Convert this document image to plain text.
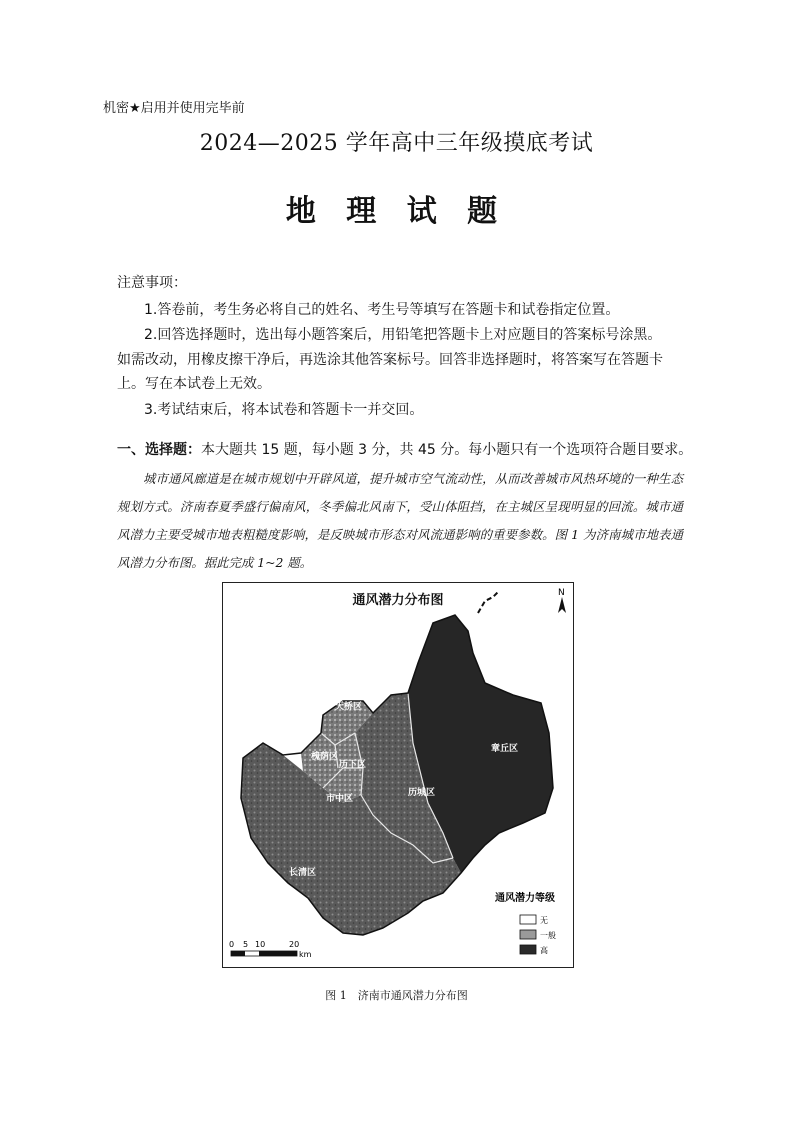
机密★启用并使用完毕前
2024—2025 学年高中三年级摸底考试
地 理 试 题
注意事项：
1.答卷前，考生务必将自己的姓名、考生号等填写在答题卡和试卷指定位置。
2.回答选择题时，选出每小题答案后，用铅笔把答题卡上对应题目的答案标号涂黑。
如需改动，用橡皮擦干净后，再选涂其他答案标号。回答非选择题时，将答案写在答题卡
上。写在本试卷上无效。
3.考试结束后，将本试卷和答题卡一并交回。
一、选择题：本大题共 15 题，每小题 3 分，共 45 分。每小题只有一个选项符合题目要求。
城市通风廊道是在城市规划中开辟风道，提升城市空气流动性，从而改善城市风热环境的一种生态规划方式。济南春夏季盛行偏南风，冬季偏北风南下，受山体阻挡，在主城区呈现明显的回流。城市通风潜力主要受城市地表粗糙度影响，是反映城市形态对风流通影响的重要参数。图 1 为济南城市地表通风潜力分布图。据此完成 1~2 题。
通风潜力分布图	N
天桥区
槐荫区
历下区
市中区
历城区
章丘区
长清区
通风潜力等级
无
一般
高
0 5 10	20
km
图 1　济南市通风潜力分布图
